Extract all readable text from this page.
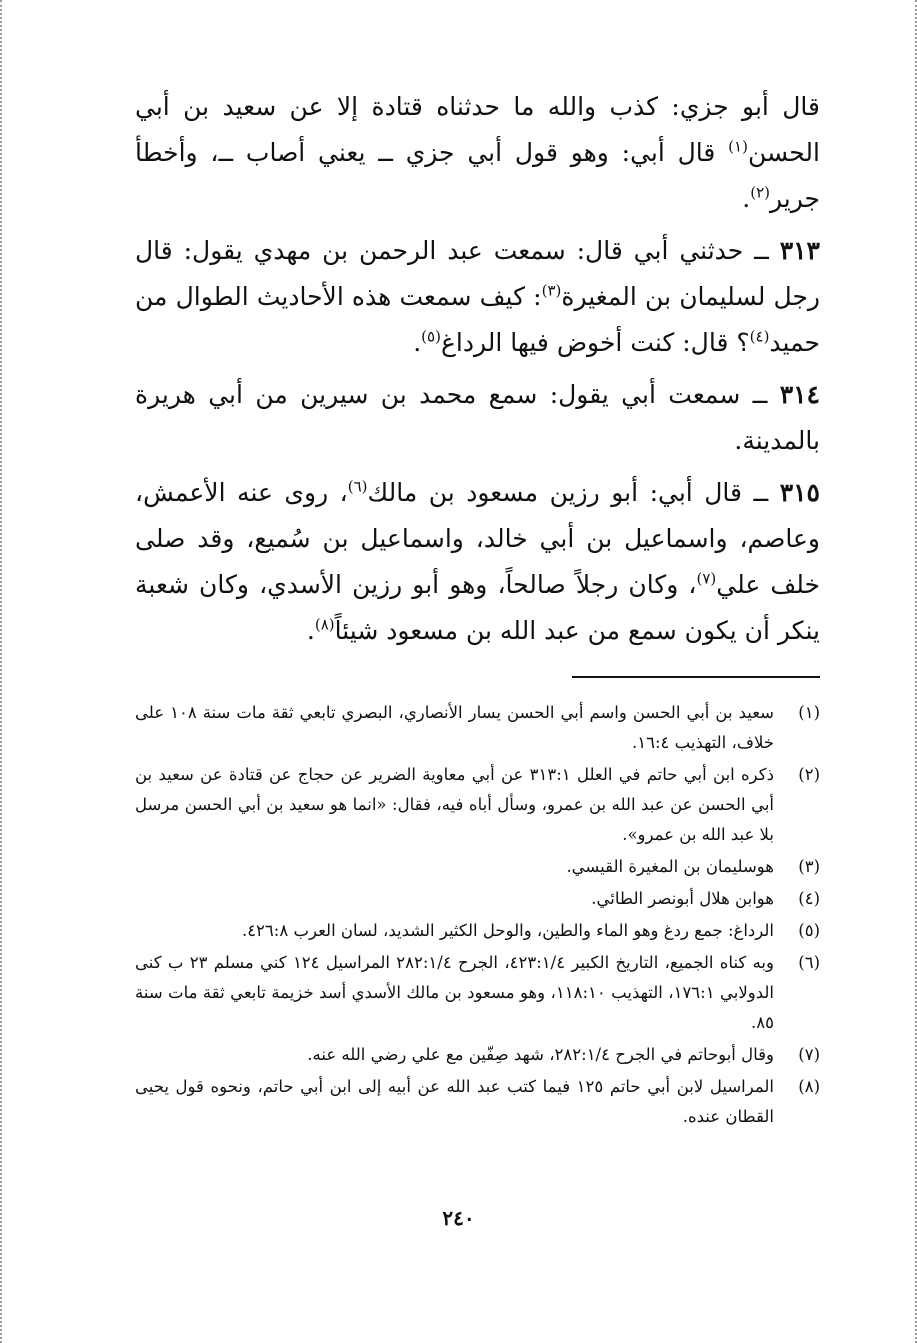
قال أبو جزي: كذب والله ما حدثناه قتادة إلا عن سعيد بن أبي الحسن$^{(١)}$ قال أبي: وهو قول أبي جزي ــ يعني أصاب ــ، وأخطأ جرير$^{(٢)}$.

٣١٣ ــ حدثني أبي قال: سمعت عبد الرحمن بن مهدي يقول: قال رجل لسليمان بن المغيرة$^{(٣)}$: كيف سمعت هذه الأحاديث الطوال من حميد$^{(٤)}$؟ قال: كنت أخوض فيها الرداغ$^{(٥)}$.

٣١٤ ــ سمعت أبي يقول: سمع محمد بن سيرين من أبي هريرة بالمدينة.

٣١٥ ــ قال أبي: أبو رزين مسعود بن مالك$^{(٦)}$، روى عنه الأعمش، وعاصم، واسماعيل بن أبي خالد، واسماعيل بن سُميع، وقد صلى خلف علي$^{(٧)}$، وكان رجلاً صالحاً، وهو أبو رزين الأسدي، وكان شعبة ينكر أن يكون سمع من عبد الله بن مسعود شيئاً$^{(٨)}$.

(١)
سعيد بن أبي الحسن واسم أبي الحسن يسار الأنصاري، البصري تابعي ثقة مات سنة ١٠٨ على خلاف، التهذيب ١٦:٤.
(٢)
ذكره ابن أبي حاتم في العلل ٣١٣:١ عن أبي معاوية الضرير عن حجاج عن قتادة عن سعيد بن أبي الحسن عن عبد الله بن عمرو، وسأل أباه فيه، فقال: «انما هو سعيد بن أبي الحسن مرسل بلا عبد الله بن عمرو».
(٣)
هوسليمان بن المغيرة القيسي.
(٤)
هوابن هلال أبونصر الطائي.
(٥)
الرداغ: جمع ردغ وهو الماء والطين، والوحل الكثير الشديد، لسان العرب ٤٢٦:٨.
(٦)
وبه كناه الجميع، التاريخ الكبير ٤٢٣:١/٤، الجرح ٢٨٢:١/٤ المراسيل ١٢٤ كني مسلم ٢٣ ب كنى الدولابي ١٧٦:١، التهذيب ١١٨:١٠، وهو مسعود بن مالك الأسدي أسد خزيمة تابعي ثقة مات سنة ٨٥.
(٧)
وقال أبوحاتم في الجرح ٢٨٢:١/٤، شهد صِفّين مع علي رضي الله عنه.
(٨)
المراسيل لابن أبي حاتم ١٢٥ فيما كتب عبد الله عن أبيه إلى ابن أبي حاتم، ونحوه قول يحيى القطان عنده.
٢٤٠
